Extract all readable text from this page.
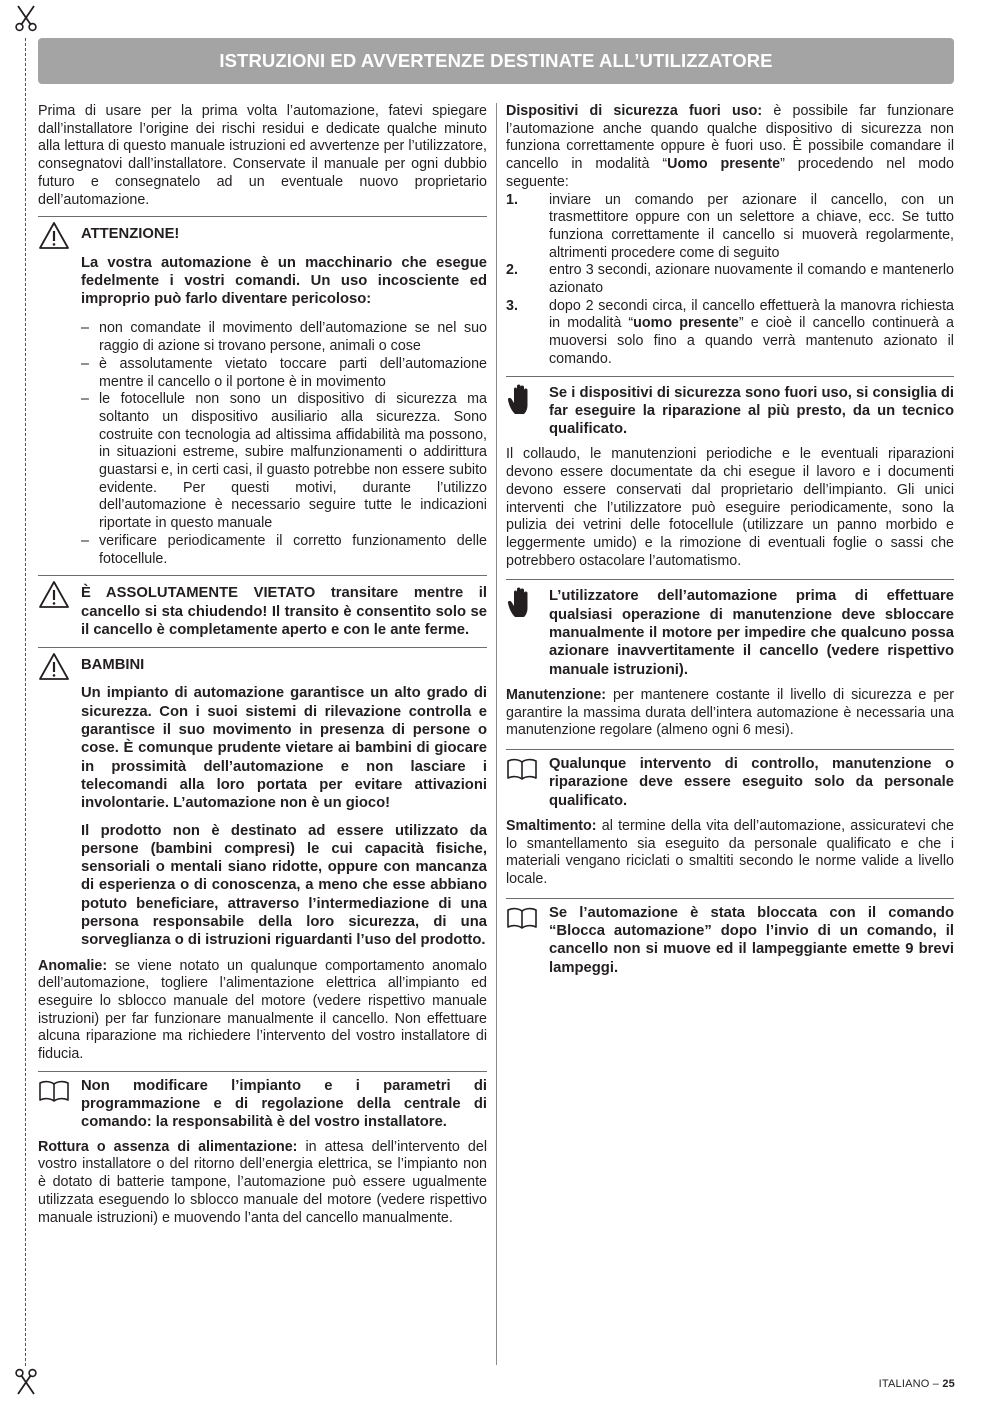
ISTRUZIONI ED AVVERTENZE DESTINATE ALL’UTILIZZATORE

Prima di usare per la prima volta l’automazione, fatevi spiegare dall’installatore l’origine dei rischi residui e dedicate qualche minuto alla lettura di questo manuale istruzioni ed avvertenze per l’utilizzatore, consegnatovi dall’installatore. Conservate il manuale per ogni dubbio futuro e consegnatelo ad un eventuale nuovo proprietario dell’automazione.

ATTENZIONE!

La vostra automazione è un macchinario che esegue fedelmente i vostri comandi. Un uso incosciente ed improprio può farlo diventare pericoloso:

– non comandate il movimento dell’automazione se nel suo raggio di azione si trovano persone, animali o cose
– è assolutamente vietato toccare parti dell’automazione mentre il cancello o il portone è in movimento
– le fotocellule non sono un dispositivo di sicurezza ma soltanto un dispositivo ausiliario alla sicurezza. Sono costruite con tecnologia ad altissima affidabilità ma possono, in situazioni estreme, subire malfunzionamenti o addirittura guastarsi e, in certi casi, il guasto potrebbe non essere subito evidente. Per questi motivi, durante l’utilizzo dell’automazione è necessario seguire tutte le indicazioni riportate in questo manuale
– verificare periodicamente il corretto funzionamento delle fotocellule.

È ASSOLUTAMENTE VIETATO transitare mentre il cancello si sta chiudendo! Il transito è consentito solo se il cancello è completamente aperto e con le ante ferme.

BAMBINI

Un impianto di automazione garantisce un alto grado di sicurezza. Con i suoi sistemi di rilevazione controlla e garantisce il suo movimento in presenza di persone o cose. È comunque prudente vietare ai bambini di giocare in prossimità dell’automazione e non lasciare i telecomandi alla loro portata per evitare attivazioni involontarie. L’automazione non è un gioco!

Il prodotto non è destinato ad essere utilizzato da persone (bambini compresi) le cui capacità fisiche, sensoriali o mentali siano ridotte, oppure con mancanza di esperienza o di conoscenza, a meno che esse abbiano potuto beneficiare, attraverso l’intermediazione di una persona responsabile della loro sicurezza, di una sorveglianza o di istruzioni riguardanti l’uso del prodotto.

Anomalie: se viene notato un qualunque comportamento anomalo dell’automazione, togliere l’alimentazione elettrica all’impianto ed eseguire lo sblocco manuale del motore (vedere rispettivo manuale istruzioni) per far funzionare manualmente il cancello. Non effettuare alcuna riparazione ma richiedere l’intervento del vostro installatore di fiducia.

Non modificare l’impianto e i parametri di programmazione e di regolazione della centrale di comando: la responsabilità è del vostro installatore.

Rottura o assenza di alimentazione: in attesa dell’intervento del vostro installatore o del ritorno dell’energia elettrica, se l’impianto non è dotato di batterie tampone, l’automazione può essere ugualmente utilizzata eseguendo lo sblocco manuale del motore (vedere rispettivo manuale istruzioni) e muovendo l’anta del cancello manualmente.

Dispositivi di sicurezza fuori uso: è possibile far funzionare l’automazione anche quando qualche dispositivo di sicurezza non funziona correttamente oppure è fuori uso. È possibile comandare il cancello in modalità “Uomo presente” procedendo nel modo seguente:

1. inviare un comando per azionare il cancello, con un trasmettitore oppure con un selettore a chiave, ecc. Se tutto funziona correttamente il cancello si muoverà regolarmente, altrimenti procedere come di seguito
2. entro 3 secondi, azionare nuovamente il comando e mantenerlo azionato
3. dopo 2 secondi circa, il cancello effettuerà la manovra richiesta in modalità “uomo presente” e cioè il cancello continuerà a muoversi solo fino a quando verrà mantenuto azionato il comando.

Se i dispositivi di sicurezza sono fuori uso, si consiglia di far eseguire la riparazione al più presto, da un tecnico qualificato.

Il collaudo, le manutenzioni periodiche e le eventuali riparazioni devono essere documentate da chi esegue il lavoro e i documenti devono essere conservati dal proprietario dell’impianto. Gli unici interventi che l’utilizzatore può eseguire periodicamente, sono la pulizia dei vetrini delle fotocellule (utilizzare un panno morbido e leggermente umido) e la rimozione di eventuali foglie o sassi che potrebbero ostacolare l’automatismo.

L’utilizzatore dell’automazione prima di effettuare qualsiasi operazione di manutenzione deve sbloccare manualmente il motore per impedire che qualcuno possa azionare inavvertitamente il cancello (vedere rispettivo manuale istruzioni).

Manutenzione: per mantenere costante il livello di sicurezza e per garantire la massima durata dell’intera automazione è necessaria una manutenzione regolare (almeno ogni 6 mesi).

Qualunque intervento di controllo, manutenzione o riparazione deve essere eseguito solo da personale qualificato.

Smaltimento: al termine della vita dell’automazione, assicuratevi che lo smantellamento sia eseguito da personale qualificato e che i materiali vengano riciclati o smaltiti secondo le norme valide a livello locale.

Se l’automazione è stata bloccata con il comando “Blocca automazione” dopo l’invio di un comando, il cancello non si muove ed il lampeggiante emette 9 brevi lampeggi.

ITALIANO – 25
